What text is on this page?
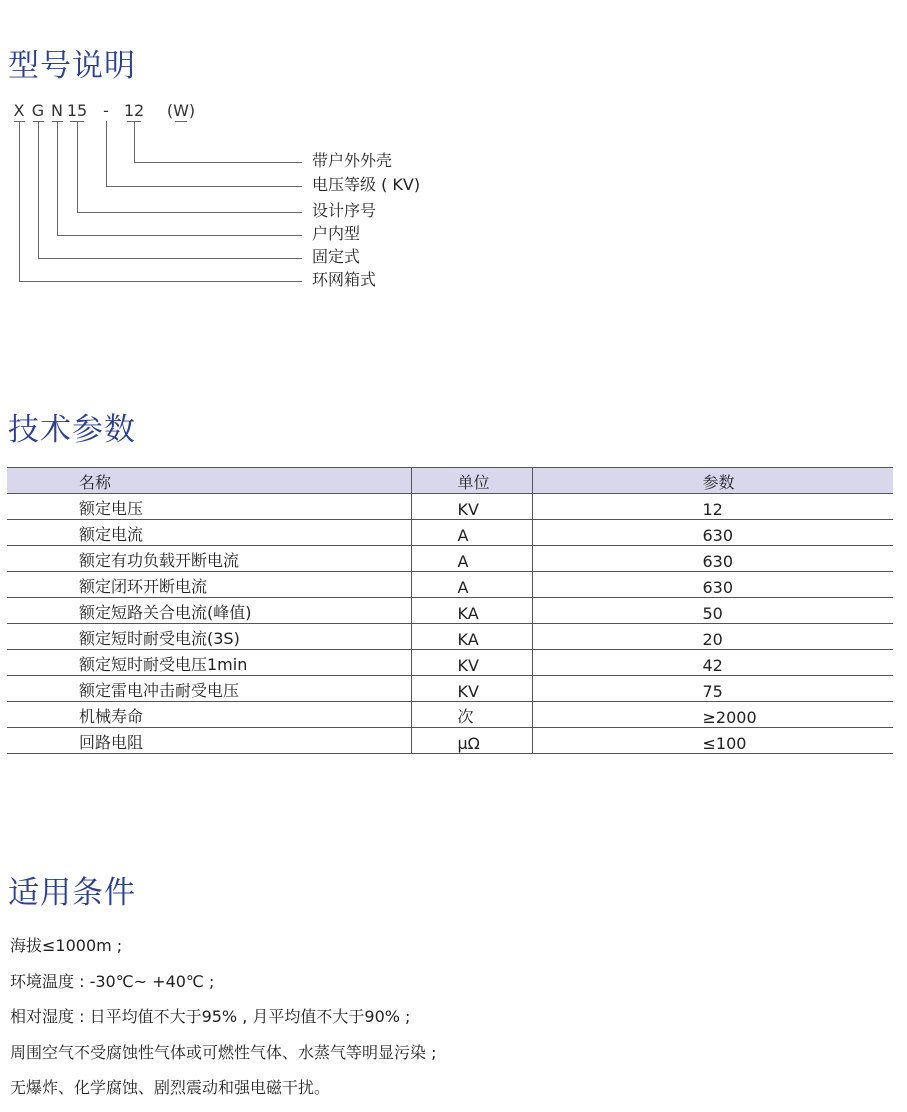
型号说明
X G N 15 - 12 (W)
带户外外壳
电压等级 ( KV)
设计序号
户内型
固定式
环网箱式
技术参数
名称	单位	参数
额定电压	KV	12
额定电流	A	630
额定有功负载开断电流	A	630
额定闭环开断电流	A	630
额定短路关合电流(峰值)	KA	50
额定短时耐受电流(3S)	KA	20
额定短时耐受电压1min	KV	42
额定雷电冲击耐受电压	KV	75
机械寿命	次	≥2000
回路电阻	μΩ	≤100
适用条件
海拔≤1000m ;
环境温度 : -30℃~ +40℃ ;
相对湿度 : 日平均值不大于95% , 月平均值不大于90% ;
周围空气不受腐蚀性气体或可燃性气体、水蒸气等明显污染 ;
无爆炸、化学腐蚀、剧烈震动和强电磁干扰。
